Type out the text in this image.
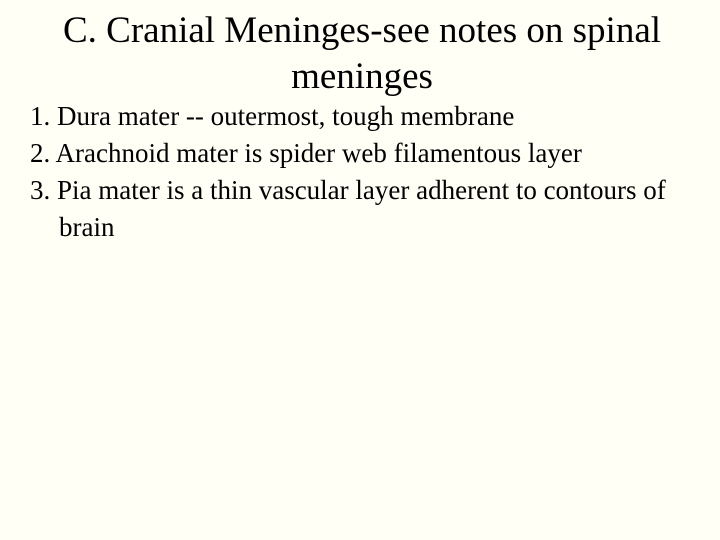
C. Cranial Meninges-see notes on spinal meninges
1. Dura mater -- outermost, tough membrane
2. Arachnoid mater is spider web filamentous layer
3. Pia mater is a thin vascular layer adherent to contours of brain
